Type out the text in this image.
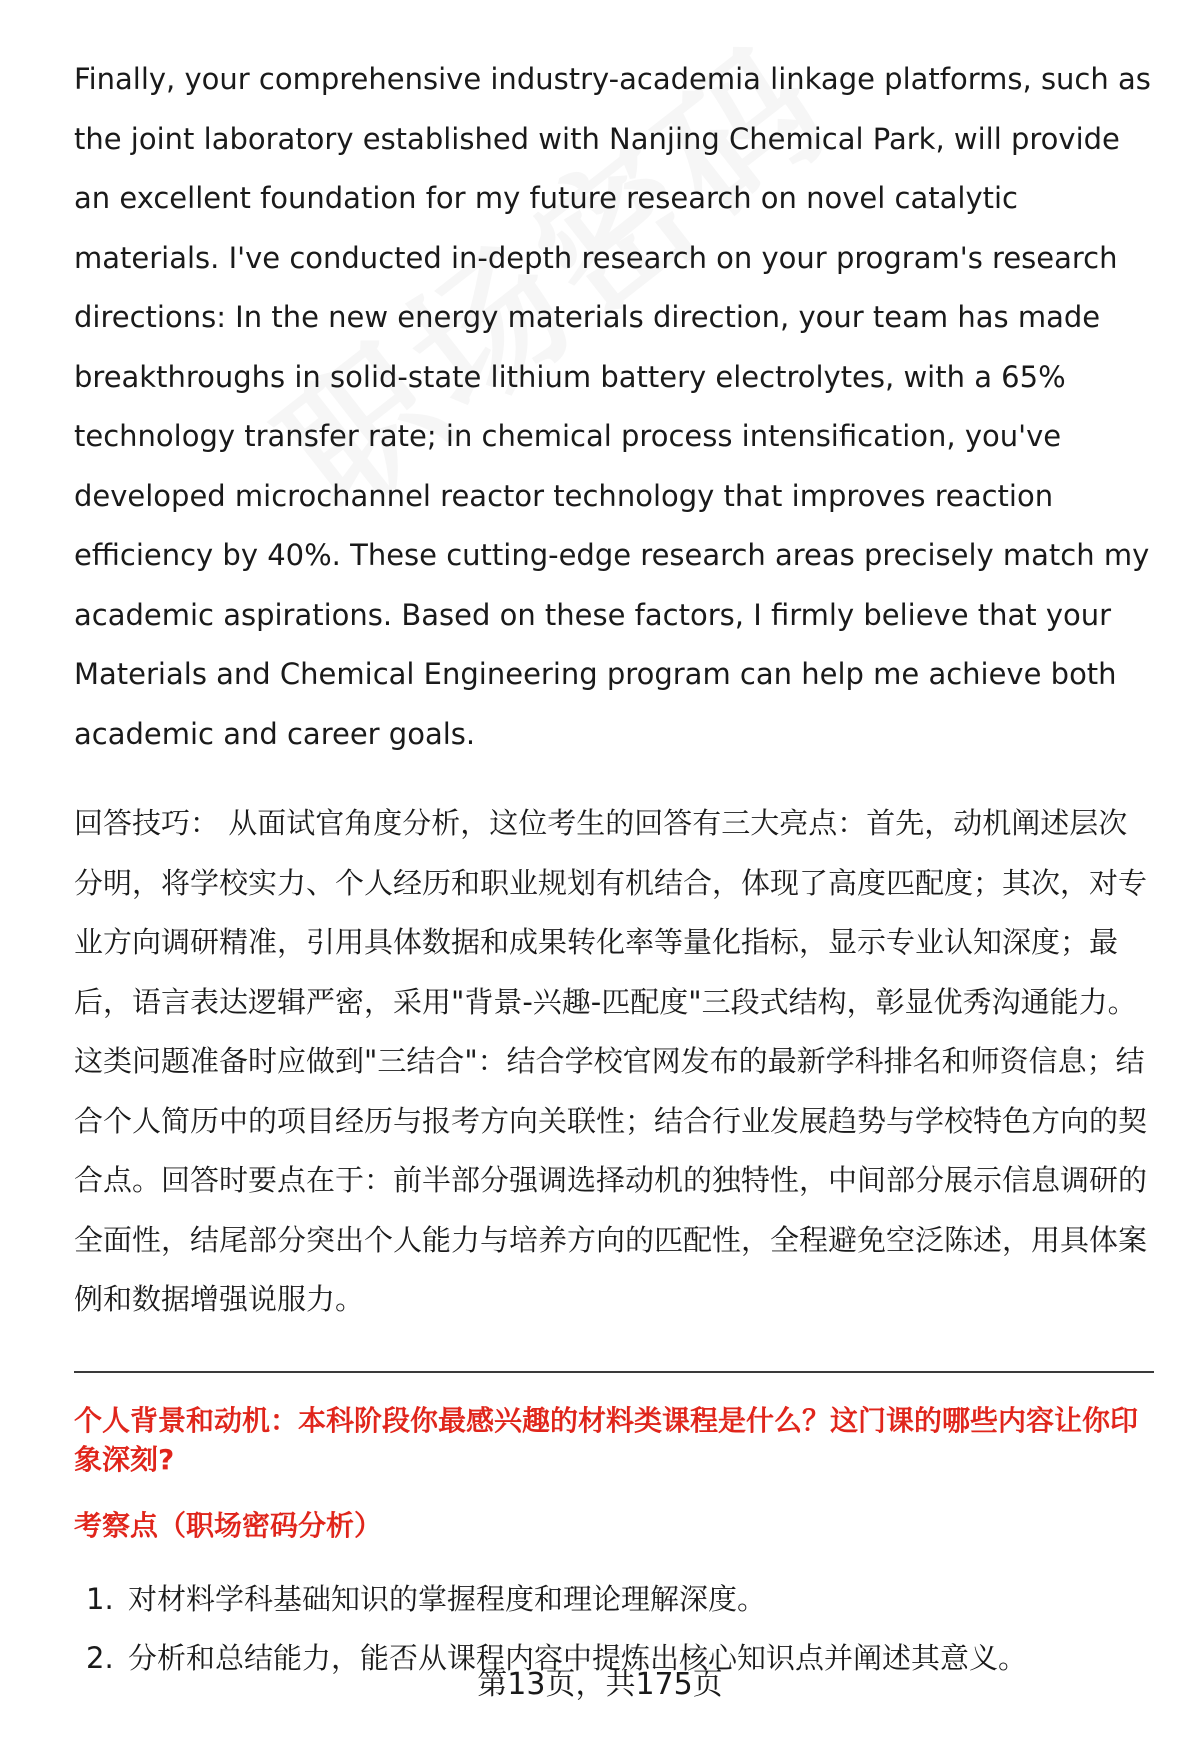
Finally, your comprehensive industry-academia linkage platforms, such as the joint laboratory established with Nanjing Chemical Park, will provide an excellent foundation for my future research on novel catalytic materials. I've conducted in-depth research on your program's research directions: In the new energy materials direction, your team has made breakthroughs in solid-state lithium battery electrolytes, with a 65% technology transfer rate; in chemical process intensification, you've developed microchannel reactor technology that improves reaction efficiency by 40%. These cutting-edge research areas precisely match my academic aspirations. Based on these factors, I firmly believe that your Materials and Chemical Engineering program can help me achieve both academic and career goals.

回答技巧： 从面试官角度分析，这位考生的回答有三大亮点：首先，动机阐述层次分明，将学校实力、个人经历和职业规划有机结合，体现了高度匹配度；其次，对专业方向调研精准，引用具体数据和成果转化率等量化指标，显示专业认知深度；最后，语言表达逻辑严密，采用"背景-兴趣-匹配度"三段式结构，彰显优秀沟通能力。这类问题准备时应做到"三结合"：结合学校官网发布的最新学科排名和师资信息；结合个人简历中的项目经历与报考方向关联性；结合行业发展趋势与学校特色方向的契合点。回答时要点在于：前半部分强调选择动机的独特性，中间部分展示信息调研的全面性，结尾部分突出个人能力与培养方向的匹配性，全程避免空泛陈述，用具体案例和数据增强说服力。

个人背景和动机：本科阶段你最感兴趣的材料类课程是什么？这门课的哪些内容让你印象深刻?
考察点（职场密码分析）
1. 对材料学科基础知识的掌握程度和理论理解深度。
2. 分析和总结能力，能否从课程内容中提炼出核心知识点并阐述其意义。
第13页，共175页
